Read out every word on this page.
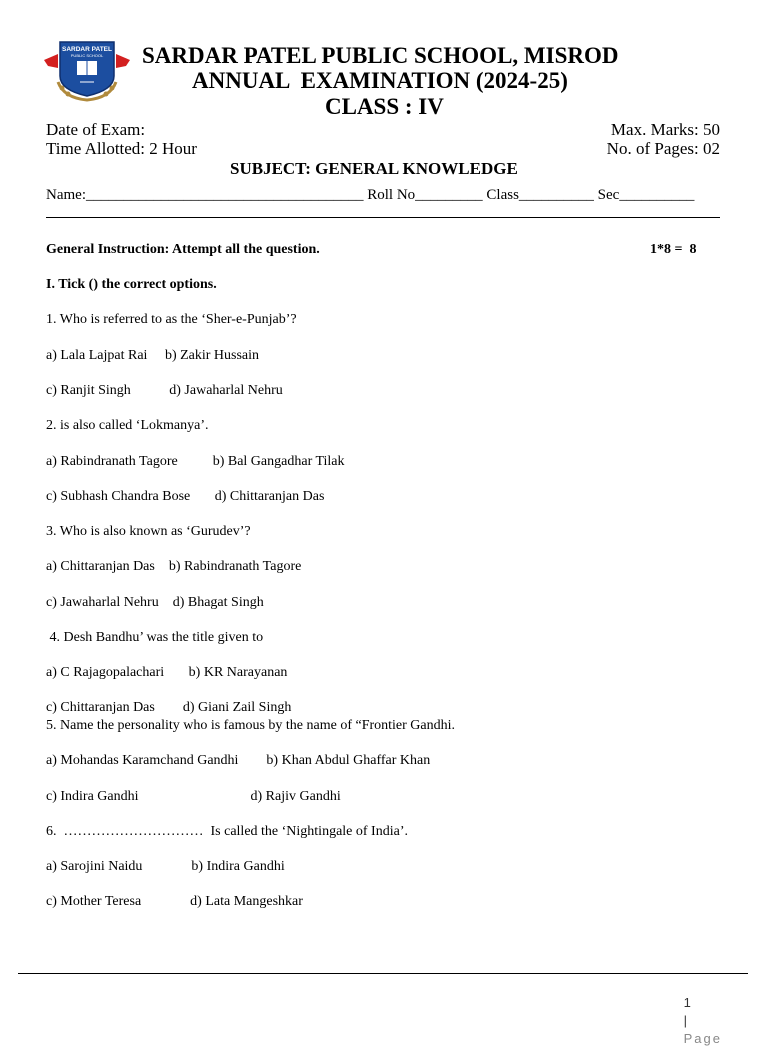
SARDAR PATEL
PUBLIC SCHOOL SARDAR PATEL PUBLIC SCHOOL, MISROD
ANNUAL  EXAMINATION (2024-25)
CLASS : IV
Date of Exam:	Max. Marks: 50
Time Allotted: 2 Hour	No. of Pages: 02
SUBJECT: GENERAL KNOWLEDGE
Name:_____________________________________ Roll No_________ Class__________ Sec__________
General Instruction: Attempt all the question.	1*8 =  8
I. Tick () the correct options.
1. Who is referred to as the ‘Sher-e-Punjab’?
a) Lala Lajpat Rai     b) Zakir Hussain
c) Ranjit Singh           d) Jawaharlal Nehru
2. is also called ‘Lokmanya’.
a) Rabindranath Tagore          b) Bal Gangadhar Tilak
c) Subhash Chandra Bose       d) Chittaranjan Das
3. Who is also known as ‘Gurudev’?
a) Chittaranjan Das    b) Rabindranath Tagore
c) Jawaharlal Nehru    d) Bhagat Singh
4. Desh Bandhu’ was the title given to
a) C Rajagopalachari       b) KR Narayanan
c) Chittaranjan Das        d) Giani Zail Singh
5. Name the personality who is famous by the name of “Frontier Gandhi.
a) Mohandas Karamchand Gandhi        b) Khan Abdul Ghaffar Khan
c) Indira Gandhi                                d) Rajiv Gandhi
6.  …………………………  Is called the ‘Nightingale of India’.
a) Sarojini Naidu              b) Indira Gandhi
c) Mother Teresa              d) Lata Mangeshkar

1
|
Page
